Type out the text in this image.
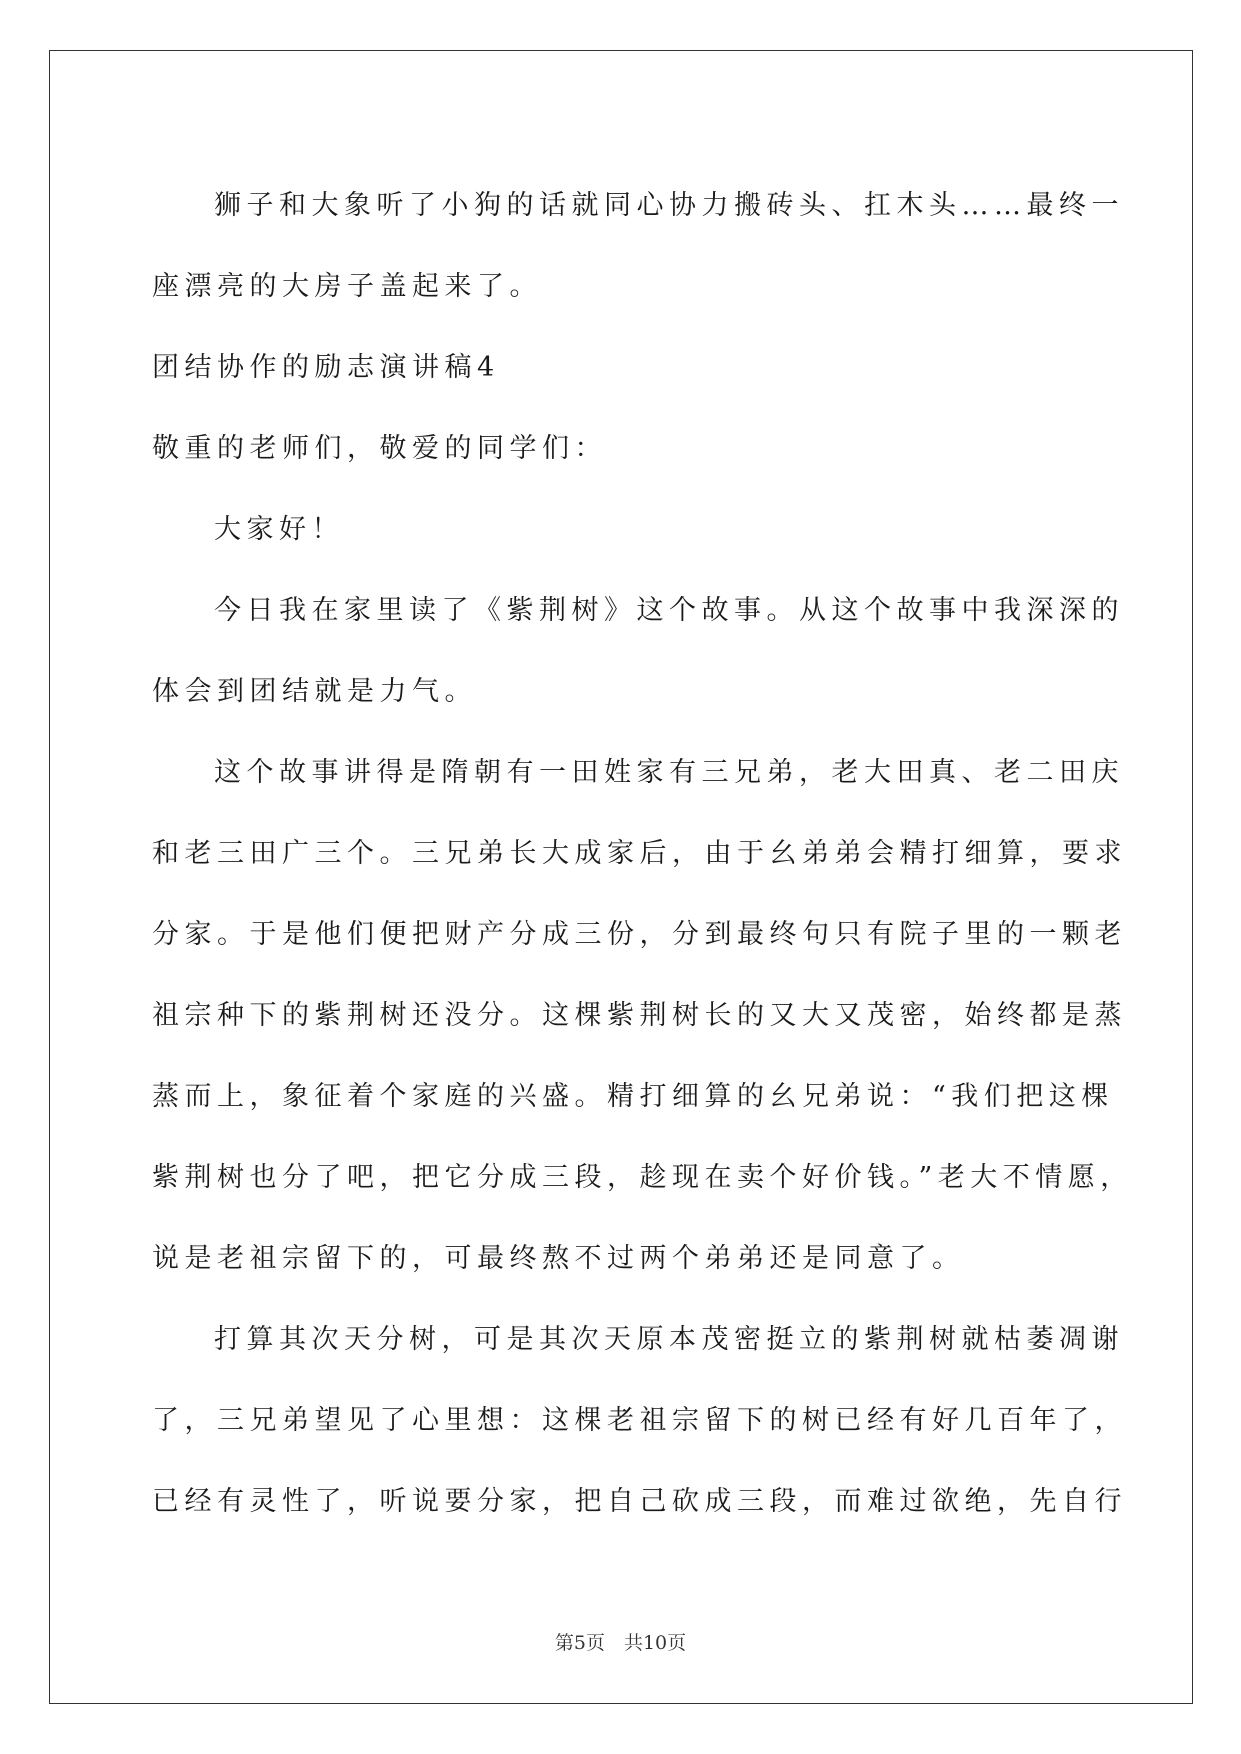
狮子和大象听了小狗的话就同心协力搬砖头、扛木头……最终一
座漂亮的大房子盖起来了。
团结协作的励志演讲稿4
敬重的老师们，敬爱的同学们：
大家好！
今日我在家里读了《紫荆树》这个故事。从这个故事中我深深的
体会到团结就是力气。
这个故事讲得是隋朝有一田姓家有三兄弟，老大田真、老二田庆
和老三田广三个。三兄弟长大成家后，由于幺弟弟会精打细算，要求
分家。于是他们便把财产分成三份，分到最终句只有院子里的一颗老
祖宗种下的紫荆树还没分。这棵紫荆树长的又大又茂密，始终都是蒸
蒸而上，象征着个家庭的兴盛。精打细算的幺兄弟说：“我们把这棵
紫荆树也分了吧，把它分成三段，趁现在卖个好价钱。”老大不情愿，
说是老祖宗留下的，可最终熬不过两个弟弟还是同意了。
打算其次天分树，可是其次天原本茂密挺立的紫荆树就枯萎凋谢
了，三兄弟望见了心里想：这棵老祖宗留下的树已经有好几百年了，
已经有灵性了，听说要分家，把自己砍成三段，而难过欲绝，先自行
第5页　共10页
